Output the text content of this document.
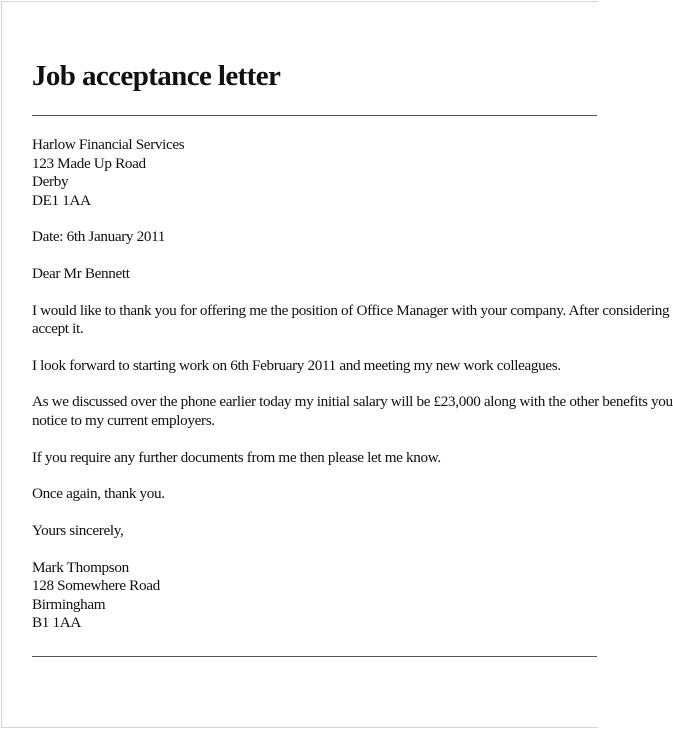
Job acceptance letter
Harlow Financial Services
123 Made Up Road
Derby
DE1 1AA
Date: 6th January 2011
Dear Mr Bennett
I would like to thank you for offering me the position of Office Manager with your company. After considering
accept it.
I look forward to starting work on 6th February 2011 and meeting my new work colleagues.
As we discussed over the phone earlier today my initial salary will be £23,000 along with the other benefits you
notice to my current employers.
If you require any further documents from me then please let me know.
Once again, thank you.
Yours sincerely,
Mark Thompson
128 Somewhere Road
Birmingham
B1 1AA
